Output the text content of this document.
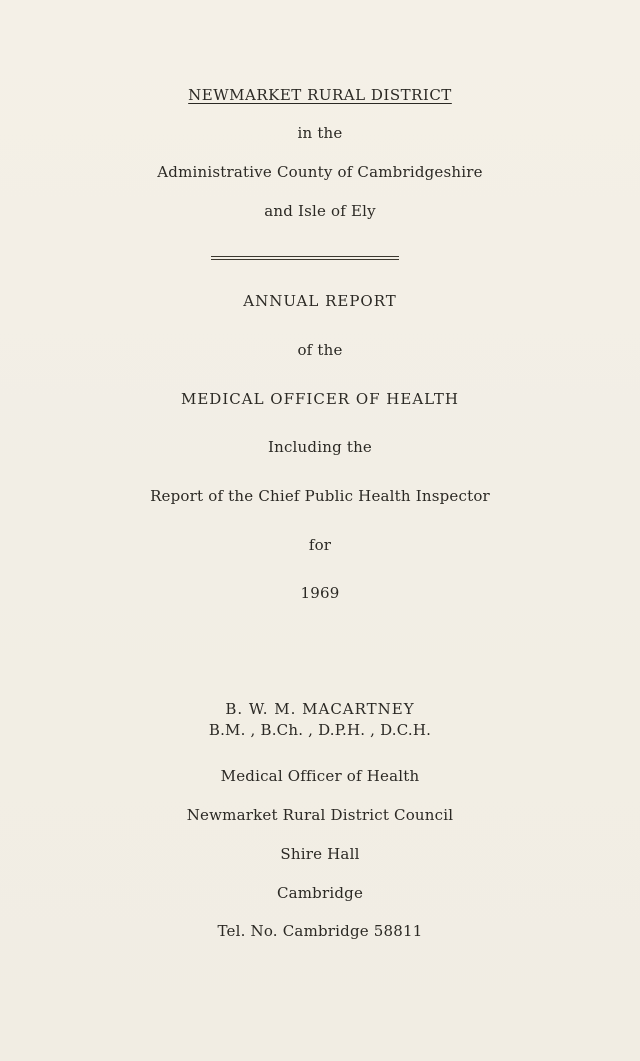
NEWMARKET RURAL DISTRICT
in the
Administrative County of Cambridgeshire
and Isle of Ely
ANNUAL REPORT
of the
MEDICAL OFFICER OF HEALTH
Including the
Report of the Chief Public Health Inspector
for
1969
B. W. M. MACARTNEY
B.M. , B.Ch. , D.P.H. , D.C.H.
Medical Officer of Health
Newmarket Rural District Council
Shire Hall
Cambridge
Tel. No. Cambridge 58811
